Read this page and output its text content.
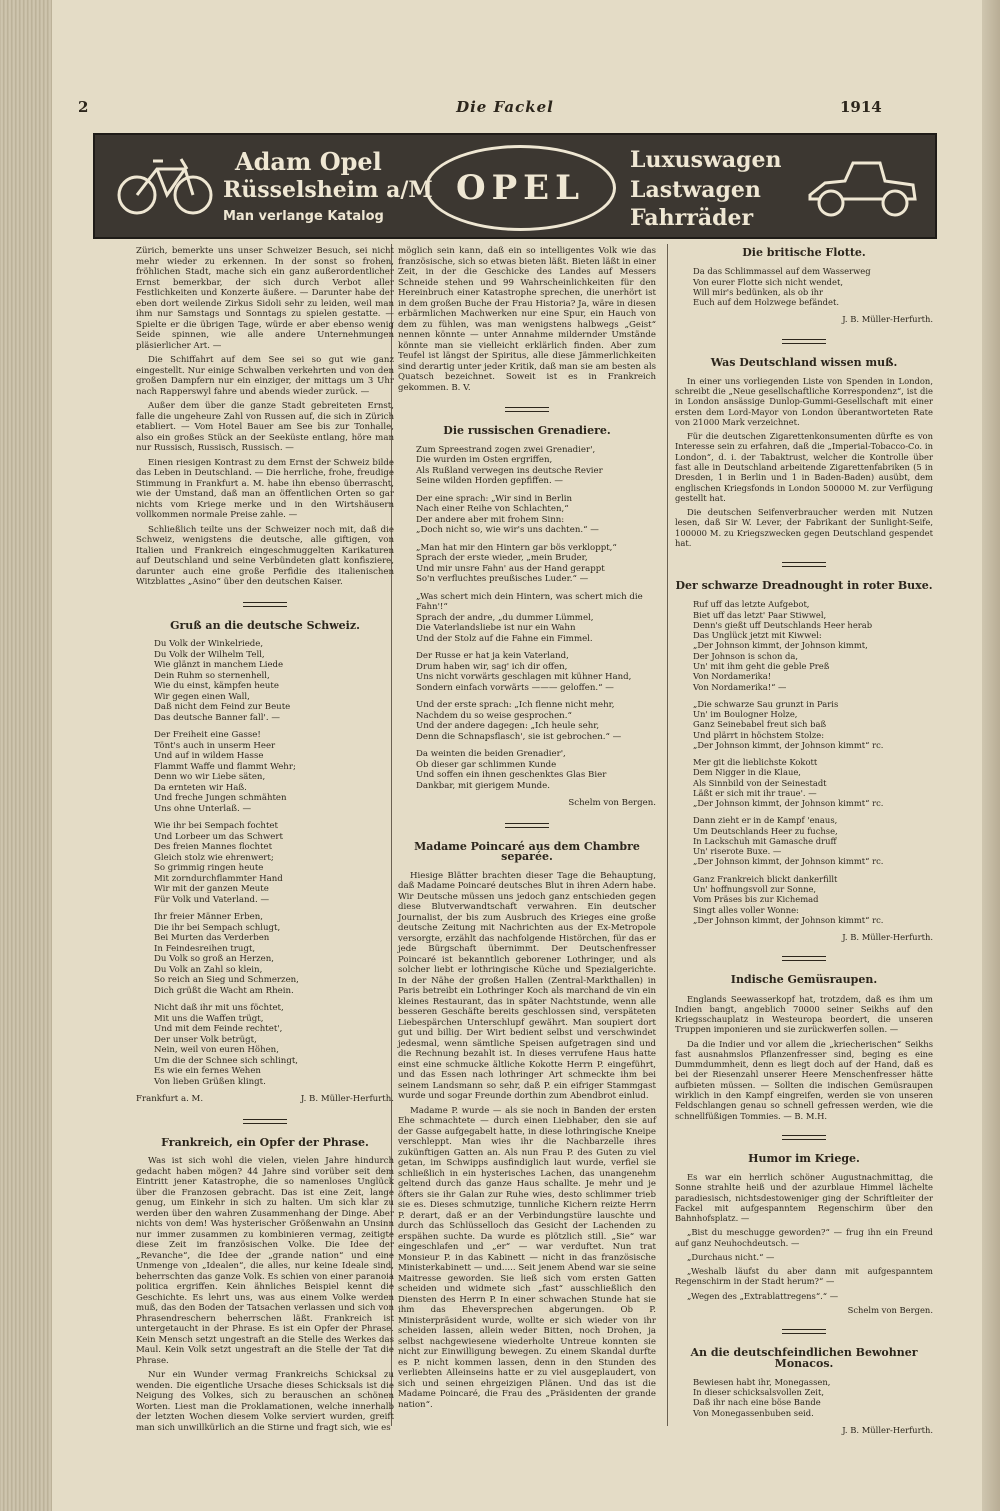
2	Die Fackel	1914
Adam Opel
Rüsselsheim a/M
Man verlange Katalog
OPEL
Luxuswagen
Lastwagen
Fahrräder

Zürich, bemerkte uns unser Schweizer Besuch, sei nicht mehr wieder zu erkennen. In der sonst so frohen, fröhlichen Stadt, mache sich ein ganz außerordentlicher Ernst bemerkbar, der sich durch Verbot aller Festlichkeiten und Konzerte äußere. — Darunter habe der eben dort weilende Zirkus Sidoli sehr zu leiden, weil man ihm nur Samstags und Sonntags zu spielen gestatte. — Spielte er die übrigen Tage, würde er aber ebenso wenig Seide spinnen, wie alle andere Unternehmungen pläsierlicher Art. —

Die Schiffahrt auf dem See sei so gut wie ganz eingestellt. Nur einige Schwalben verkehrten und von den großen Dampfern nur ein einziger, der mittags um 3 Uhr nach Rapperswyl fahre und abends wieder zurück. —

Außer dem über die ganze Stadt gebreiteten Ernst, falle die ungeheure Zahl von Russen auf, die sich in Zürich etabliert. — Vom Hotel Bauer am See bis zur Tonhalle, also ein großes Stück an der Seeküste entlang, höre man nur Russisch, Russisch, Russisch. —

Einen riesigen Kontrast zu dem Ernst der Schweiz bilde das Leben in Deutschland. — Die herrliche, frohe, freudige Stimmung in Frankfurt a. M. habe ihn ebenso überrascht, wie der Umstand, daß man an öffentlichen Orten so gar nichts vom Kriege merke und in den Wirtshäusern vollkommen normale Preise zahle. —

Schließlich teilte uns der Schweizer noch mit, daß die Schweiz, wenigstens die deutsche, alle giftigen, von Italien und Frankreich eingeschmuggelten Karikaturen auf Deutschland und seine Verbündeten glatt konfisziere, darunter auch eine große Perfidie des italienischen Witzblattes „Asino“ über den deutschen Kaiser.

Gruß an die deutsche Schweiz.
Du Volk der Winkelriede,
Du Volk der Wilhelm Tell,
Wie glänzt in manchem Liede
Dein Ruhm so sternenhell,
Wie du einst, kämpfen heute
Wir gegen einen Wall,
Daß nicht dem Feind zur Beute
Das deutsche Banner fall'. —
Der Freiheit eine Gasse!
Tönt's auch in unserm Heer
Und auf in wildem Hasse
Flammt Waffe und flammt Wehr;
Denn wo wir Liebe säten,
Da ernteten wir Haß.
Und freche Jungen schmähten
Uns ohne Unterlaß. —
Wie ihr bei Sempach fochtet
Und Lorbeer um das Schwert
Des freien Mannes flochtet
Gleich stolz wie ehrenwert;
So grimmig ringen heute
Mit zorndurchflammter Hand
Wir mit der ganzen Meute
Für Volk und Vaterland. —
Ihr freier Männer Erben,
Die ihr bei Sempach schlugt,
Bei Murten das Verderben
In Feindesreihen trugt,
Du Volk so groß an Herzen,
Du Volk an Zahl so klein,
So reich an Sieg und Schmerzen,
Dich grüßt die Wacht am Rhein.
Nicht daß ihr mit uns föchtet,
Mit uns die Waffen trügt,
Und mit dem Feinde rechtet',
Der unser Volk betrügt,
Nein, weil von euren Höhen,
Um die der Schnee sich schlingt,
Es wie ein fernes Wehen
Von lieben Grüßen klingt.
Frankfurt a. M.	J. B. Müller-Herfurth.
Frankreich, ein Opfer der Phrase.

Was ist sich wohl die vielen, vielen Jahre hindurch gedacht haben mögen? 44 Jahre sind vorüber seit dem Eintritt jener Katastrophe, die so namenloses Unglück über die Franzosen gebracht. Das ist eine Zeit, lange genug, um Einkehr in sich zu halten. Um sich klar zu werden über den wahren Zusammenhang der Dinge. Aber nichts von dem! Was hysterischer Größenwahn an Unsinn nur immer zusammen zu kombinieren vermag, zeitigte diese Zeit im französischen Volke. Die Idee der „Revanche“, die Idee der „grande nation“ und eine Unmenge von „Idealen“, die alles, nur keine Ideale sind, beherrschten das ganze Volk. Es schien von einer paranoia politica ergriffen. Kein ähnliches Beispiel kennt die Geschichte. Es lehrt uns, was aus einem Volke werden muß, das den Boden der Tatsachen verlassen und sich von Phrasendreschern beherrschen läßt. Frankreich ist untergetaucht in der Phrase. Es ist ein Opfer der Phrase. Kein Mensch setzt ungestraft an die Stelle des Werkes das Maul. Kein Volk setzt ungestraft an die Stelle der Tat die Phrase.

Nur ein Wunder vermag Frankreichs Schicksal zu wenden. Die eigentliche Ursache dieses Schicksals ist die Neigung des Volkes, sich zu berauschen an schönen Worten. Liest man die Proklamationen, welche innerhalb der letzten Wochen diesem Volke serviert wurden, greift man sich unwillkürlich an die Stirne und fragt sich, wie es

möglich sein kann, daß ein so intelligentes Volk wie das französische, sich so etwas bieten läßt. Bieten läßt in einer Zeit, in der die Geschicke des Landes auf Messers Schneide stehen und 99 Wahrscheinlichkeiten für den Hereinbruch einer Katastrophe sprechen, die unerhört ist in dem großen Buche der Frau Historia? Ja, wäre in diesen erbärmlichen Machwerken nur eine Spur, ein Hauch von dem zu fühlen, was man wenigstens halbwegs „Geist“ nennen könnte — unter Annahme mildernder Umstände könnte man sie vielleicht erklärlich finden. Aber zum Teufel ist längst der Spiritus, alle diese Jämmerlichkeiten sind derartig unter jeder Kritik, daß man sie am besten als Quatsch bezeichnet. Soweit ist es in Frankreich gekommen. B. V.

Die russischen Grenadiere.
Zum Spreestrand zogen zwei Grenadier',
Die wurden im Osten ergriffen,
Als Rußland verwegen ins deutsche Revier
Seine wilden Horden gepfiffen. —
Der eine sprach: „Wir sind in Berlin
Nach einer Reihe von Schlachten,“
Der andere aber mit frohem Sinn:
„Doch nicht so, wie wir's uns dachten.“ —
„Man hat mir den Hintern gar bös verkloppt,“
Sprach der erste wieder, „mein Bruder,
Und mir unsre Fahn' aus der Hand gerappt
So'n verfluchtes preußisches Luder.“ —
„Was schert mich dein Hintern, was schert mich die Fahn'!“
Sprach der andre, „du dummer Lümmel,
Die Vaterlandsliebe ist nur ein Wahn
Und der Stolz auf die Fahne ein Fimmel.
Der Russe er hat ja kein Vaterland,
Drum haben wir, sag' ich dir offen,
Uns nicht vorwärts geschlagen mit kühner Hand,
Sondern einfach vorwärts ——— geloffen.“ —
Und der erste sprach: „Ich flenne nicht mehr,
Nachdem du so weise gesprochen.“
Und der andere dagegen: „Ich heule sehr,
Denn die Schnapsflasch', sie ist gebrochen.“ —
Da weinten die beiden Grenadier',
Ob dieser gar schlimmen Kunde
Und soffen ein ihnen geschenktes Glas Bier
Dankbar, mit gierigem Munde.
Schelm von Bergen.
Madame Poincaré aus dem Chambre separée.

Hiesige Blätter brachten dieser Tage die Behauptung, daß Madame Poincaré deutsches Blut in ihren Adern habe. Wir Deutsche müssen uns jedoch ganz entschieden gegen diese Blutverwandtschaft verwahren. Ein deutscher Journalist, der bis zum Ausbruch des Krieges eine große deutsche Zeitung mit Nachrichten aus der Ex-Metropole versorgte, erzählt das nachfolgende Histörchen, für das er jede Bürgschaft übernimmt. Der Deutschenfresser Poincaré ist bekanntlich geborener Lothringer, und als solcher liebt er lothringische Küche und Spezialgerichte. In der Nähe der großen Hallen (Zentral-Markthallen) in Paris betreibt ein Lothringer Koch als marchand de vin ein kleines Restaurant, das in später Nachtstunde, wenn alle besseren Geschäfte bereits geschlossen sind, verspäteten Liebespärchen Unterschlupf gewährt. Man soupiert dort gut und billig. Der Wirt bedient selbst und verschwindet jedesmal, wenn sämtliche Speisen aufgetragen sind und die Rechnung bezahlt ist. In dieses verrufene Haus hatte einst eine schmucke ältliche Kokotte Herrn P. eingeführt, und das Essen nach lothringer Art schmeckte ihm bei seinem Landsmann so sehr, daß P. ein eifriger Stammgast wurde und sogar Freunde dorthin zum Abendbrot einlud.

Madame P. wurde — als sie noch in Banden der ersten Ehe schmachtete — durch einen Liebhaber, den sie auf der Gasse aufgegabelt hatte, in diese lothringische Kneipe verschleppt. Man wies ihr die Nachbarzelle ihres zukünftigen Gatten an. Als nun Frau P. des Guten zu viel getan, im Schwipps ausfindiglich laut wurde, verfiel sie schließlich in ein hysterisches Lachen, das unangenehm geltend durch das ganze Haus schallte. Je mehr und je öfters sie ihr Galan zur Ruhe wies, desto schlimmer trieb sie es. Dieses schmutzige, tunnliche Kichern reizte Herrn P. derart, daß er an der Verbindungstüre lauschte und durch das Schlüsselloch das Gesicht der Lachenden zu erspähen suchte. Da wurde es plötzlich still. „Sie“ war eingeschlafen und „er“ — war verduftet. Nun trat Monsieur P. in das Kabinett — nicht in das französische Ministerkabinett — und..... Seit jenem Abend war sie seine Maitresse geworden. Sie ließ sich vom ersten Gatten scheiden und widmete sich „fast“ ausschließlich den Diensten des Herrn P. In einer schwachen Stunde hat sie ihm das Eheversprechen abgerungen. Ob P. Ministerpräsident wurde, wollte er sich wieder von ihr scheiden lassen, allein weder Bitten, noch Drohen, ja selbst nachgewiesene wiederholte Untreue konnten sie nicht zur Einwilligung bewegen. Zu einem Skandal durfte es P. nicht kommen lassen, denn in den Stunden des verliebten Alleinseins hatte er zu viel ausgeplaudert, von sich und seinen ehrgeizigen Plänen. Und das ist die Madame Poincaré, die Frau des „Präsidenten der grande nation“.

Die britische Flotte.
Da das Schlimmassel auf dem Wasserweg
Von eurer Flotte sich nicht wendet,
Will mir's bedünken, als ob ihr
Euch auf dem Holzwege befändet.
J. B. Müller-Herfurth.
Was Deutschland wissen muß.

In einer uns vorliegenden Liste von Spenden in London, schreibt die „Neue gesellschaftliche Korrespondenz“, ist die in London ansässige Dunlop-Gummi-Gesellschaft mit einer ersten dem Lord-Mayor von London überantworteten Rate von 21000 Mark verzeichnet.

Für die deutschen Zigarettenkonsumenten dürfte es von Interesse sein zu erfahren, daß die „Imperial-Tobacco-Co. in London“, d. i. der Tabaktrust, welcher die Kontrolle über fast alle in Deutschland arbeitende Zigarettenfabriken (5 in Dresden, 1 in Berlin und 1 in Baden-Baden) ausübt, dem englischen Kriegsfonds in London 500000 M. zur Verfügung gestellt hat.

Die deutschen Seifenverbraucher werden mit Nutzen lesen, daß Sir W. Lever, der Fabrikant der Sunlight-Seife, 100000 M. zu Kriegszwecken gegen Deutschland gespendet hat.

Der schwarze Dreadnought in roter Buxe.
Ruf uff das letzte Aufgebot,
Biet uff das letzt' Paar Stiwwel,
Denn's gießt uff Deutschlands Heer herab
Das Unglück jetzt mit Kiwwel:
„Der Johnson kimmt, der Johnson kimmt,
Der Johnson is schon da,
Un' mit ihm geht die geble Preß
Von Nordamerika!
Von Nordamerika!“ —
„Die schwarze Sau grunzt in Paris
Un' im Boulogner Holze,
Ganz Seinebabel freut sich baß
Und plärrt in höchstem Stolze:
„Der Johnson kimmt, der Johnson kimmt“ rc.
Mer git die lieblichste Kokott
Dem Nigger in die Klaue,
Als Sinnbild von der Seinestadt
Läßt er sich mit ihr traue'. —
„Der Johnson kimmt, der Johnson kimmt“ rc.
Dann zieht er in de Kampf 'enaus,
Um Deutschlands Heer zu fuchse,
In Lackschuh mit Gamasche druff
Un' riserote Buxe. —
„Der Johnson kimmt, der Johnson kimmt“ rc.
Ganz Frankreich blickt dankerfillt
Un' hoffnungsvoll zur Sonne,
Vom Präses bis zur Kichemad
Singt alles voller Wonne:
„Der Johnson kimmt, der Johnson kimmt“ rc.
J. B. Müller-Herfurth.
Indische Gemüsraupen.

Englands Seewasserkopf hat, trotzdem, daß es ihm um Indien bangt, angeblich 70000 seiner Seikhs auf den Kriegsschauplatz in Westeuropa beordert, die unseren Truppen imponieren und sie zurückwerfen sollen. —

Da die Indier und vor allem die „kriecherischen“ Seikhs fast ausnahmslos Pflanzenfresser sind, beging es eine Dummdummheit, denn es liegt doch auf der Hand, daß es bei der Riesenzahl unserer Heere Menschenfresser hätte aufbieten müssen. — Sollten die indischen Gemüsraupen wirklich in den Kampf eingreifen, werden sie von unseren Feldschlangen genau so schnell gefressen werden, wie die schnellfüßigen Tommies. — B. M.H.

Humor im Kriege.

Es war ein herrlich schöner Augustnachmittag, die Sonne strahlte heiß und der azurblaue Himmel lächelte paradiesisch, nichtsdestoweniger ging der Schriftleiter der Fackel mit aufgespanntem Regenschirm über den Bahnhofsplatz. —

„Bist du meschugge geworden?“ — frug ihn ein Freund auf ganz Neuhochdeutsch. —

„Durchaus nicht.“ —

„Weshalb läufst du aber dann mit aufgespanntem Regenschirm in der Stadt herum?“ —

„Wegen des „Extrablattregens“.“ —

Schelm von Bergen.
An die deutschfeindlichen Bewohner Monacos.
Bewiesen habt ihr, Monegassen,
In dieser schicksalsvollen Zeit,
Daß ihr nach eine böse Bande
Von Monegassenbuben seid.
J. B. Müller-Herfurth.
